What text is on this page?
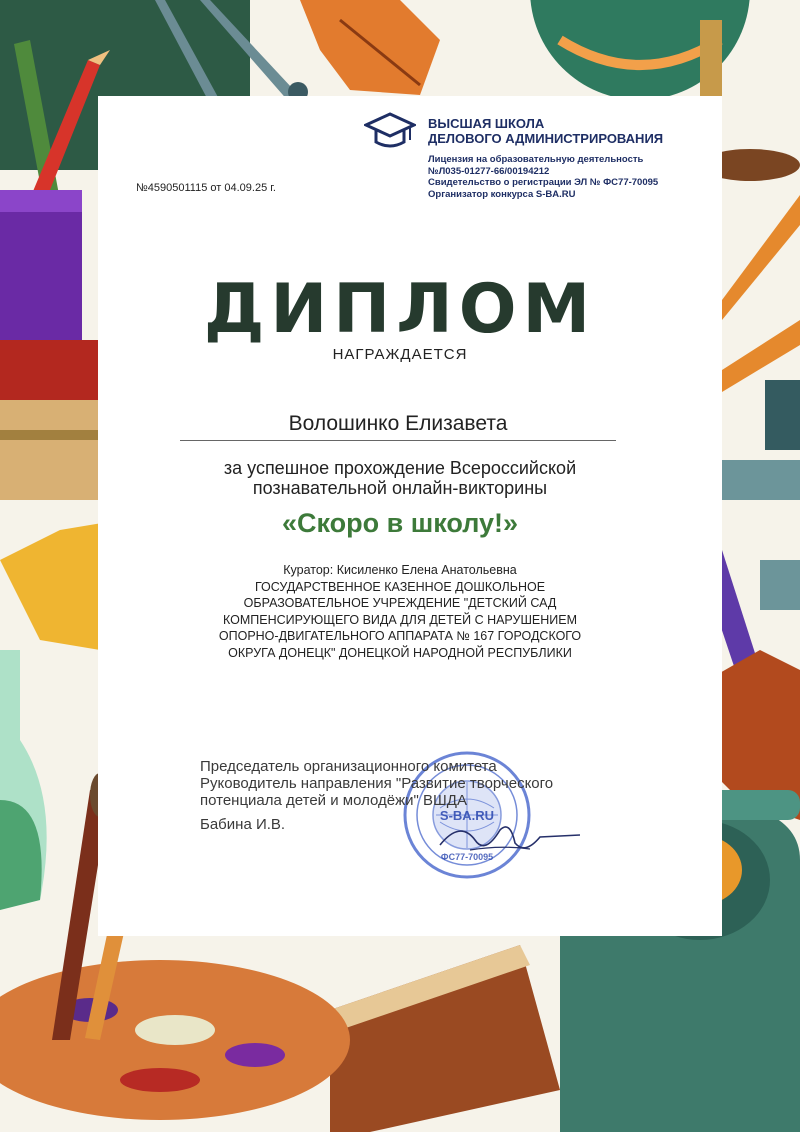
ВЫСШАЯ ШКОЛА
ДЕЛОВОГО АДМИНИСТРИРОВАНИЯ
Лицензия на образовательную деятельность
№Л035-01277-66/00194212
Свидетельство о регистрации ЭЛ № ФС77-70095
Организатор конкурса S-BA.RU
№4590501115 от 04.09.25 г.
ДИПЛОМ
НАГРАЖДАЕТСЯ
Волошинко Елизавета
за успешное прохождение Всероссийской
познавательной онлайн-викторины
«Скоро в школу!»
Куратор: Кисиленко Елена Анатольевна
ГОСУДАРСТВЕННОЕ КАЗЕННОЕ ДОШКОЛЬНОЕ
ОБРАЗОВАТЕЛЬНОЕ УЧРЕЖДЕНИЕ "ДЕТСКИЙ САД
КОМПЕНСИРУЮЩЕГО ВИДА ДЛЯ ДЕТЕЙ С НАРУШЕНИЕМ
ОПОРНО-ДВИГАТЕЛЬНОГО АППАРАТА № 167 ГОРОДСКОГО
ОКРУГА ДОНЕЦК" ДОНЕЦКОЙ НАРОДНОЙ РЕСПУБЛИКИ
S-BA.RU
ФС77-70095
Председатель организационного комитета
Руководитель направления "Развитие творческого
потенциала детей и молодёжи" ВШДА
Бабина И.В.
